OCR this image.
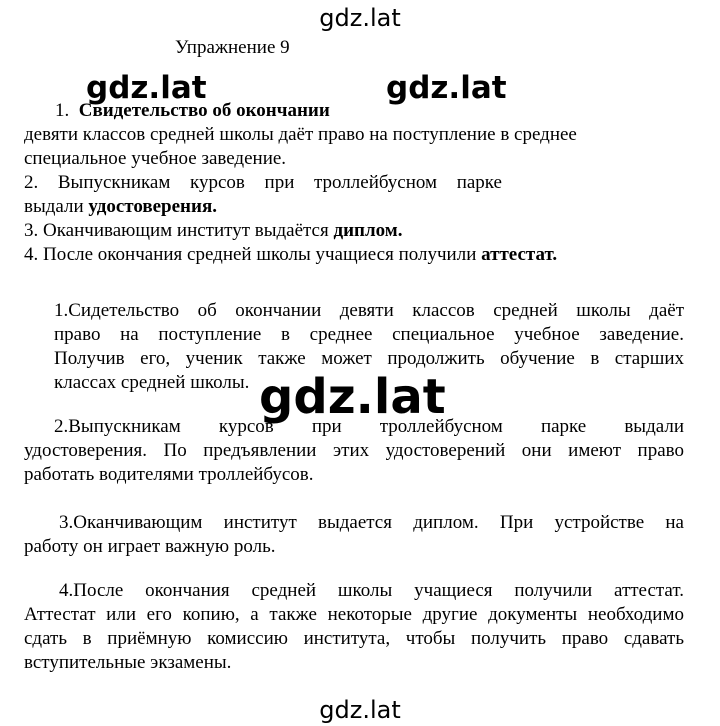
gdz.lat
Упражнение 9
1. Свидетельство об окончании
девяти классов средней школы даёт право на поступление в среднее
специальное учебное заведение.
2. Выпускникам курсов при троллейбусном парке
выдали удостоверения.
3. Оканчивающим институт выдаётся диплом.
4. После окончания средней школы учащиеся получили аттестат.
gdz.lat	gdz.lat
1.Сидетельство об окончании девяти классов средней школы даёт
право на поступление в среднее специальное учебное заведение.
Получив его, ученик также может продолжить обучение в старших
классах средней школы. gdz.lat
2.Выпускникам курсов при троллейбусном парке выдали
удостоверения. По предъявлении этих удостоверений они имеют право
работать водителями троллейбусов.
3.Оканчивающим институт выдается диплом. При устройстве на
работу он играет важную роль.
4.После окончания средней школы учащиеся получили аттестат.
Аттестат или его копию, а также некоторые другие документы необходимо
сдать в приёмную комиссию института, чтобы получить право сдавать
вступительные экзамены.
gdz.lat
